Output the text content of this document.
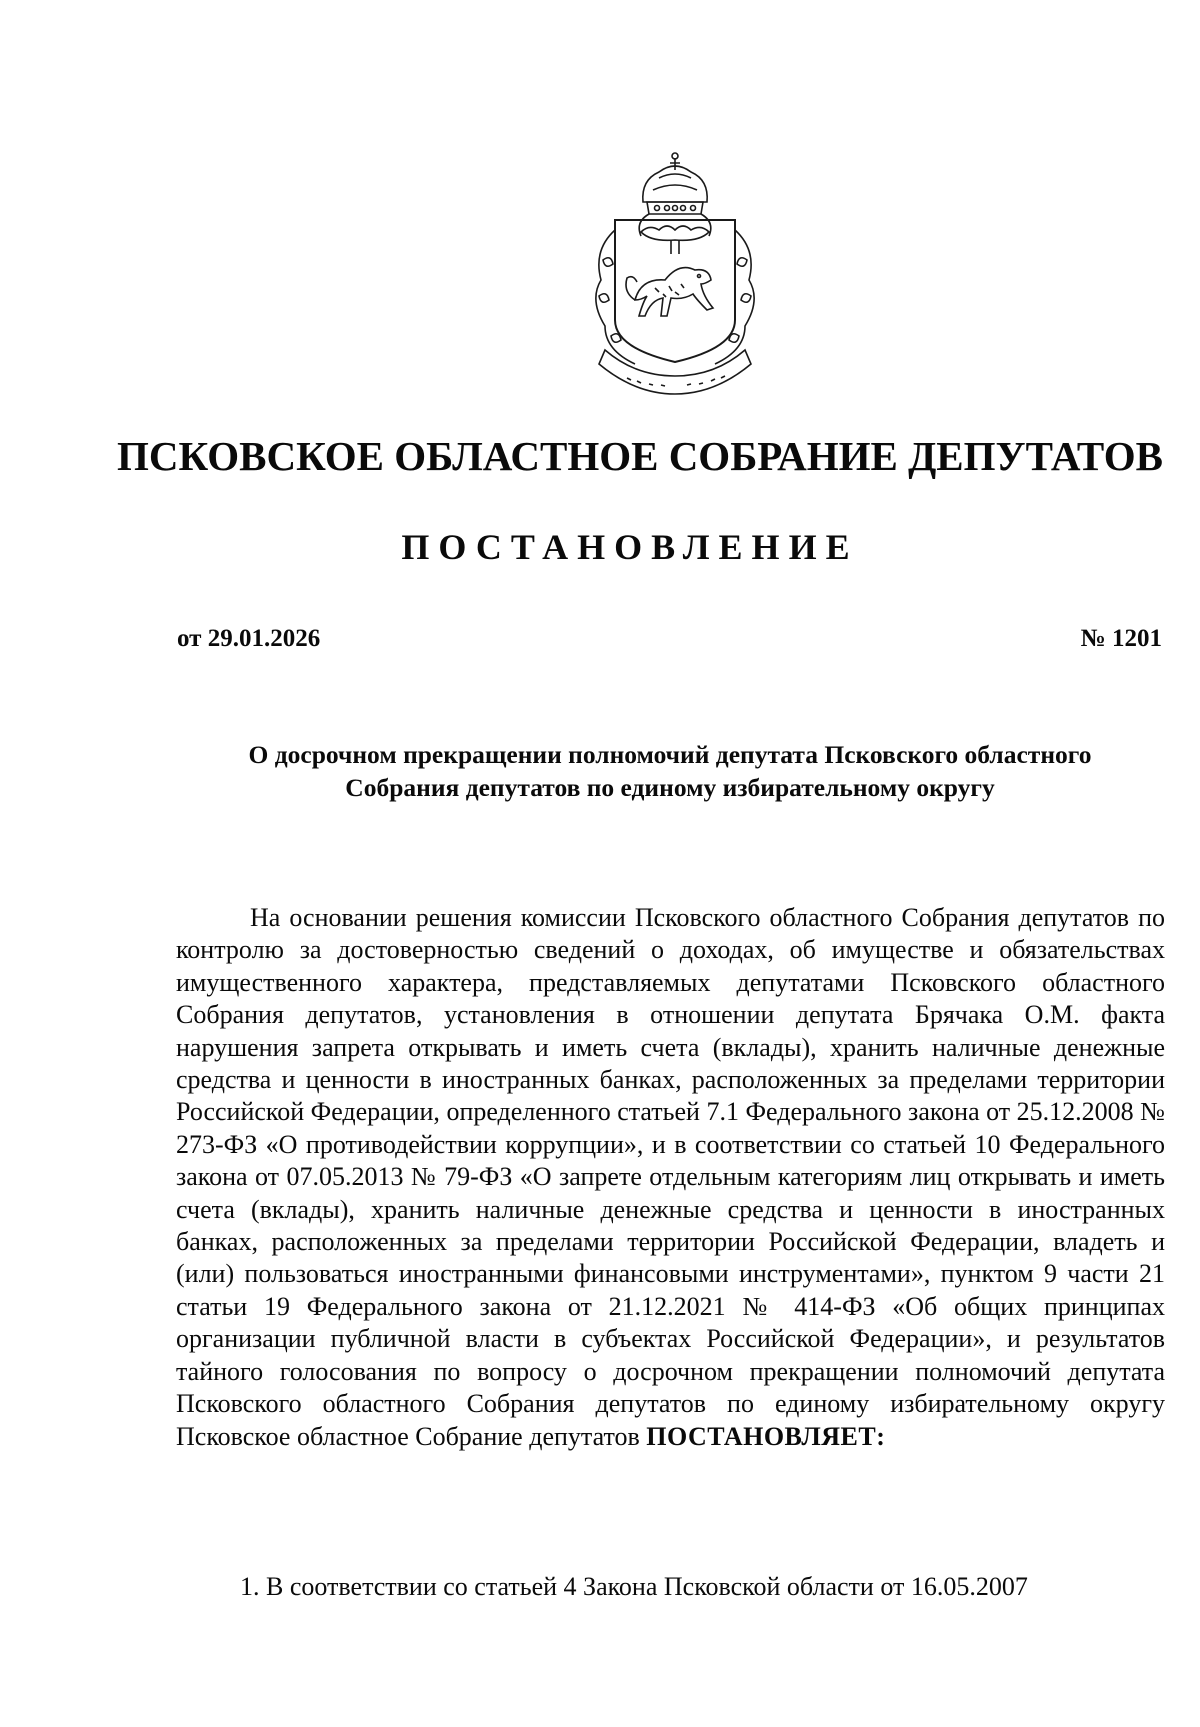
ПСКОВСКОЕ ОБЛАСТНОЕ СОБРАНИЕ ДЕПУТАТОВ
ПОСТАНОВЛЕНИЕ
от 29.01.2026	№ 1201
О досрочном прекращении полномочий депутата Псковского областного
Собрания депутатов по единому избирательному округу
На основании решения комиссии Псковского областного Собрания депутатов по контролю за достоверностью сведений о доходах, об имуществе и обязательствах имущественного характера, представляемых депутатами Псковского областного Собрания депутатов, установления в отношении депутата Брячака О.М. факта нарушения запрета открывать и иметь счета (вклады), хранить наличные денежные средства и ценности в иностранных банках, расположенных за пределами территории Российской Федерации, определенного статьей 7.1 Федерального закона от 25.12.2008 № 273-ФЗ «О противодействии коррупции», и в соответствии со статьей 10 Федерального закона от 07.05.2013 № 79-ФЗ «О запрете отдельным категориям лиц открывать и иметь счета (вклады), хранить наличные денежные средства и ценности в иностранных банках, расположенных за пределами территории Российской Федерации, владеть и (или) пользоваться иностранными финансовыми инструментами», пунктом 9 части 21 статьи 19 Федерального закона от 21.12.2021 № 414-ФЗ «Об общих принципах организации публичной власти в субъектах Российской Федерации», и результатов тайного голосования по вопросу о досрочном прекращении полномочий депутата Псковского областного Собрания депутатов по единому избирательному округу Псковское областное Собрание депутатов ПОСТАНОВЛЯЕТ:
1. В соответствии со статьей 4 Закона Псковской области от 16.05.2007
